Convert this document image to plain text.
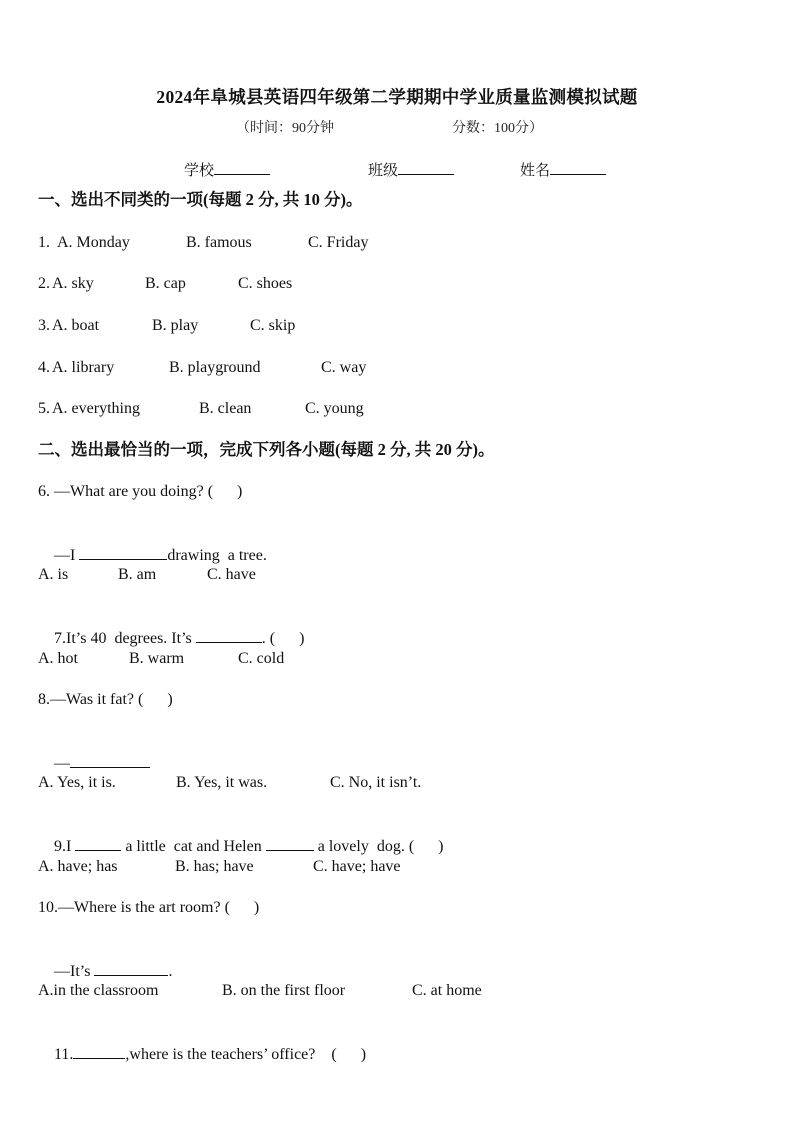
2024年阜城县英语四年级第二学期期中学业质量监测模拟试题
（时间：90分钟	分数：100分）
学校	班级	姓名
一、选出不同类的一项(每题 2 分, 共 10 分)。
1. A. Monday	B. famous	C. Friday
2. A. sky	B. cap	C. shoes
3. A. boat	B. play	C. skip
4. A. library	B. playground	C. way
5. A. everything	B. clean	C. young
二、选出最恰当的一项，完成下列各小题(每题 2 分, 共 20 分)。
6. —What are you doing? (      )

—I	drawing  a tree.

A. is	B. am	C. have

7.It’s 40  degrees. It’s	. (      )

A. hot	B. warm	C. cold
8.—Was it fat? (      )

—

A. Yes, it is.	B. Yes, it was.	C. No, it isn’t.

9.I	a little  cat and Helen	a lovely  dog. (      )

A. have; has	B. has; have	C. have; have
10.—Where is the art room? (      )

—It’s	.

A.in the classroom	B. on the first floor	C. at home

11.	,where is the teachers’ office?    (      )
